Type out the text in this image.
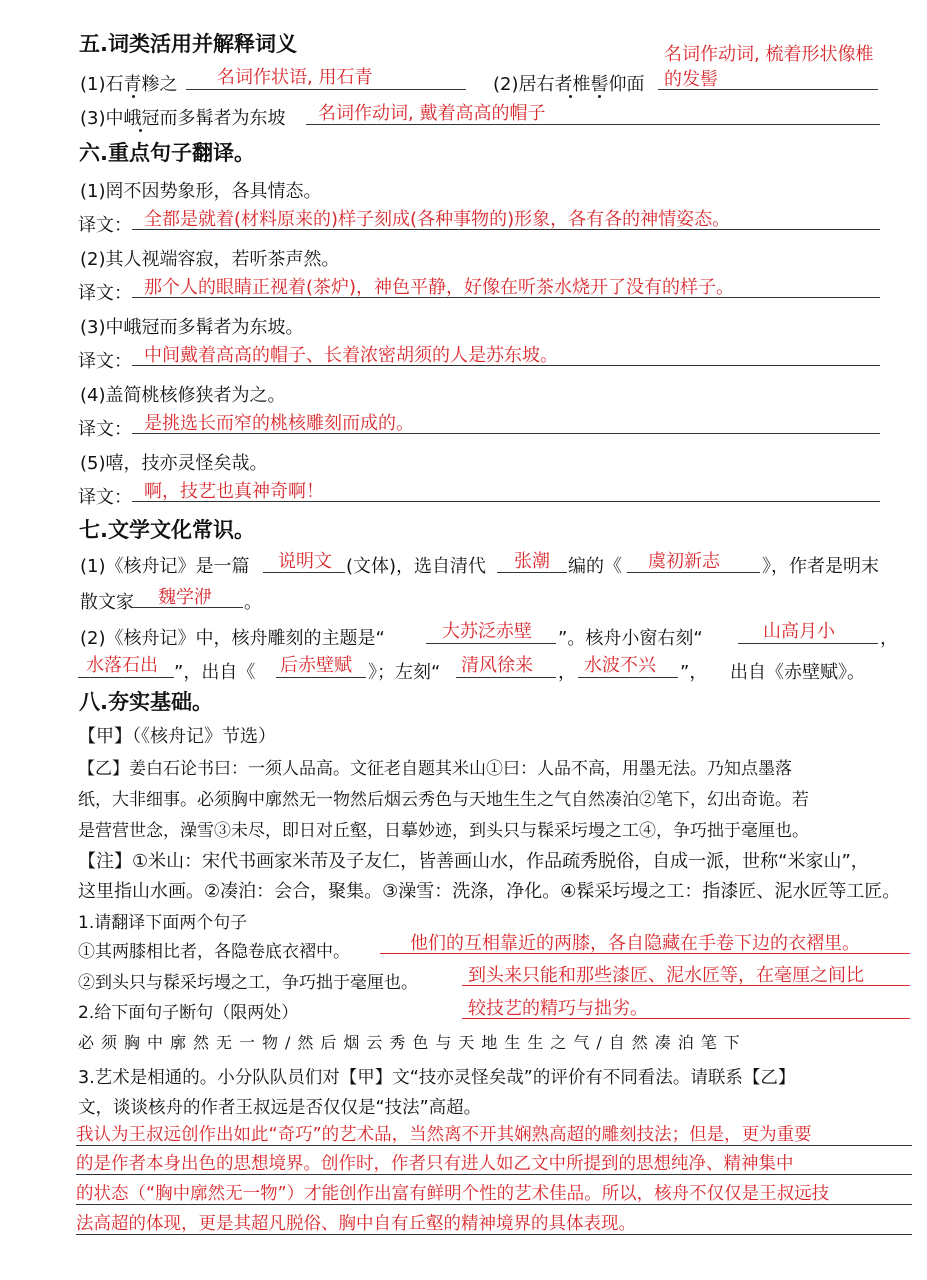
五.词类活用并解释词义
(1)石青糁之 名词作状语, 用石青	(2)居右者椎髻仰面
名词作动词, 梳着形状像椎
的发髻
(3)中峨冠而多髯者为东坡 名词作动词, 戴着高高的帽子
六.重点句子翻译。
(1)罔不因势象形，各具情态。
译文： 全都是就着(材料原来的)样子刻成(各种事物的)形象，各有各的神情姿态。
(2)其人视端容寂，若听茶声然。
译文： 那个人的眼睛正视着(茶炉)，神色平静，好像在听茶水烧开了没有的样子。
(3)中峨冠而多髯者为东坡。
译文： 中间戴着高高的帽子、长着浓密胡须的人是苏东坡。
(4)盖简桃核修狭者为之。
译文： 是挑选长而窄的桃核雕刻而成的。
(5)嘻，技亦灵怪矣哉。
译文： 啊，技艺也真神奇啊！
七.文学文化常识。
(1)《核舟记》是一篇 说明文 (文体)，选自清代 张潮 编的《 虞初新志 》，作者是明末
散文家 魏学洢 。
(2)《核舟记》中，核舟雕刻的主题是“	大苏泛赤壁 ”。核舟小窗右刻“	山高月小	，
水落石出 ”，出自《 后赤壁赋 》；左刻“ 清风徐来 ， 水波不兴 ”， 出自《赤壁赋》。
八.夯实基础。
【甲】（《核舟记》节选）
【乙】姜白石论书曰：一须人品高。文征老自题其米山①曰：人品不高，用墨无法。乃知点墨落
纸，大非细事。必须胸中廓然无一物然后烟云秀色与天地生生之气自然凑泊②笔下，幻出奇诡。若
是营营世念，澡雪③未尽，即日对丘壑，日摹妙迹，到头只与髹采圬墁之工④，争巧拙于毫厘也。
【注】①米山：宋代书画家米芾及子友仁，皆善画山水，作品疏秀脱俗，自成一派，世称“米家山”，
这里指山水画。②凑泊：会合，聚集。③澡雪：洗涤，净化。④髹采圬墁之工：指漆匠、泥水匠等工匠。
1.请翻译下面两个句子
①其两膝相比者，各隐卷底衣褶中。	他们的互相靠近的两膝，各自隐藏在手卷下边的衣褶里。
②到头只与髹采圬墁之工，争巧拙于毫厘也。	到头来只能和那些漆匠、泥水匠等，在毫厘之间比
较技艺的精巧与拙劣。
2.给下面句子断句（限两处）
必须胸中廓然无一物/然后烟云秀色与天地生生之气/自然凑泊笔下
3.艺术是相通的。小分队队员们对【甲】文“技亦灵怪矣哉”的评价有不同看法。请联系【乙】
文，谈谈核舟的作者王叔远是否仅仅是“技法”高超。
我认为王叔远创作出如此“奇巧”的艺术品，当然离不开其娴熟高超的雕刻技法；但是，更为重要
的是作者本身出色的思想境界。创作时，作者只有进人如乙文中所提到的思想纯净、精神集中
的状态（“胸中廓然无一物”）才能创作出富有鲜明个性的艺术佳品。所以，核舟不仅仅是王叔远技
法高超的体现，更是其超凡脱俗、胸中自有丘壑的精神境界的具体表现。
